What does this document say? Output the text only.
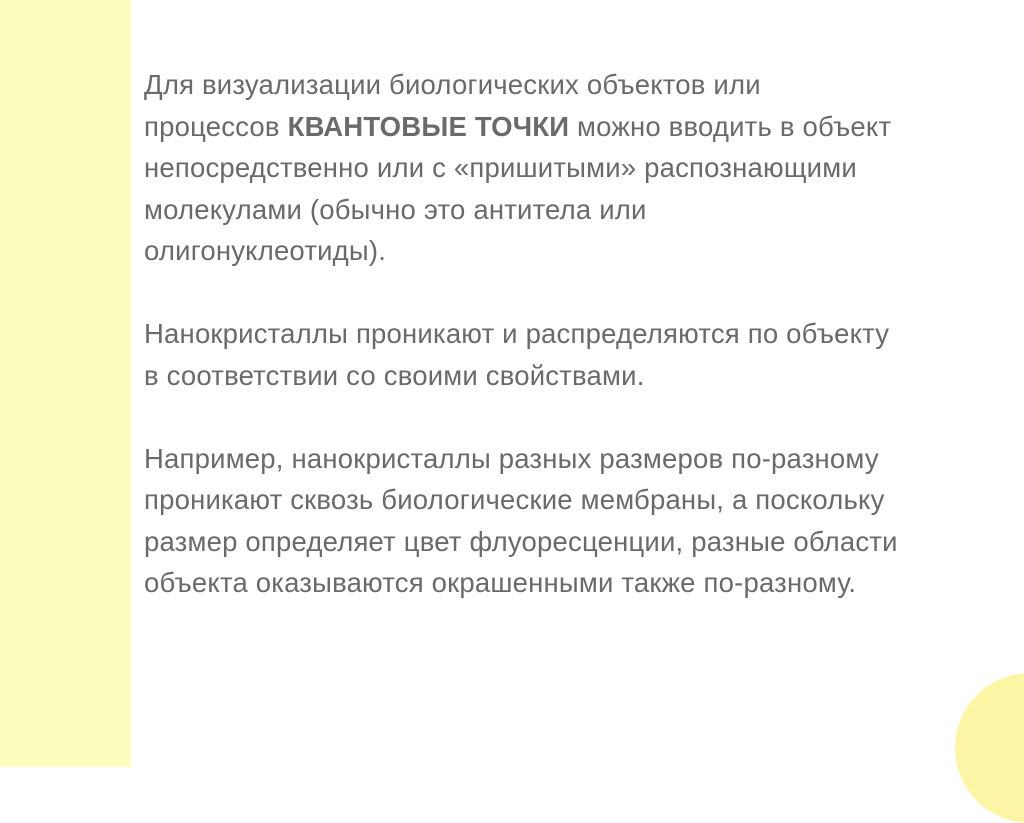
Для визуализации биологических объектов или
процессов КВАНТОВЫЕ ТОЧКИ можно вводить в объект
непосредственно или с «пришитыми» распознающими
молекулами (обычно это антитела или
олигонуклеотиды).

Нанокристаллы проникают и распределяются по объекту
в соответствии со своими свойствами.

Например, нанокристаллы разных размеров по-разному
проникают сквозь биологические мембраны, а поскольку
размер определяет цвет флуоресценции, разные области
объекта оказываются окрашенными также по-разному.
